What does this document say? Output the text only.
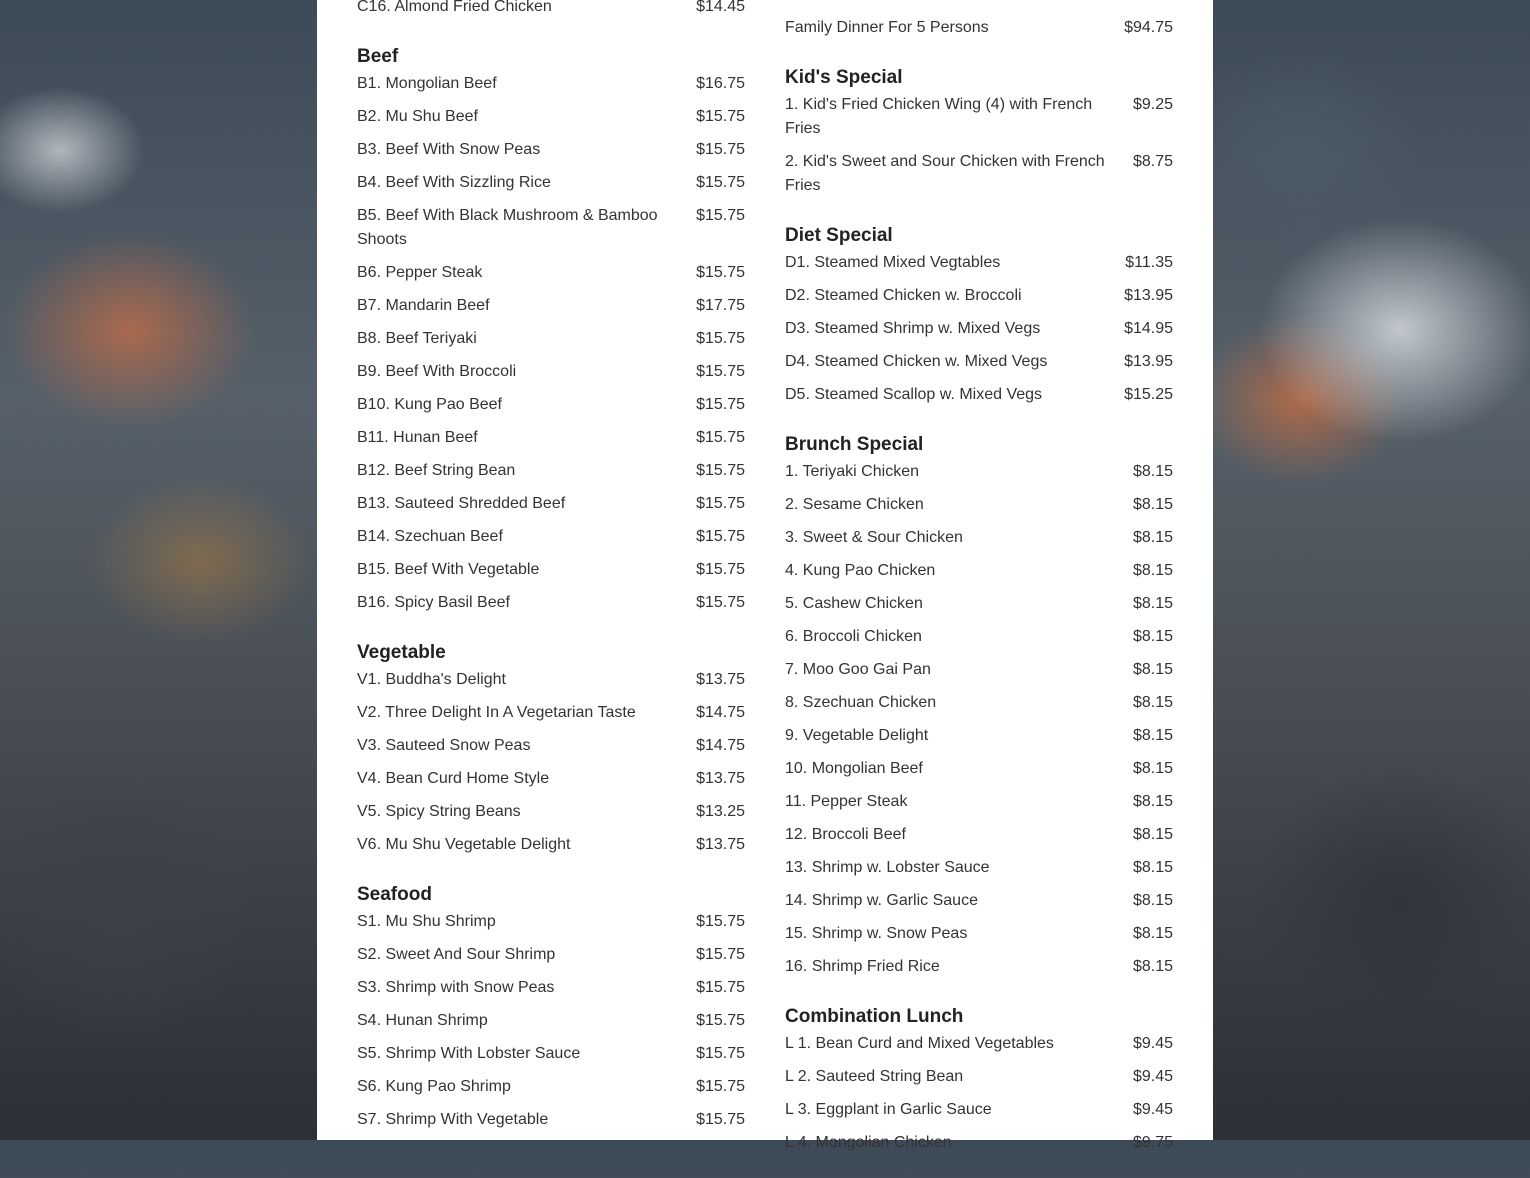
C16. Almond Fried Chicken	$14.45
Beef
B1. Mongolian Beef	$16.75
B2. Mu Shu Beef	$15.75
B3. Beef With Snow Peas	$15.75
B4. Beef With Sizzling Rice	$15.75
B5. Beef With Black Mushroom & Bamboo Shoots
$15.75
B6. Pepper Steak	$15.75
B7. Mandarin Beef	$17.75
B8. Beef Teriyaki	$15.75
B9. Beef With Broccoli	$15.75
B10. Kung Pao Beef	$15.75
B11. Hunan Beef	$15.75
B12. Beef String Bean	$15.75
B13. Sauteed Shredded Beef	$15.75
B14. Szechuan Beef	$15.75
B15. Beef With Vegetable	$15.75
B16. Spicy Basil Beef	$15.75
Vegetable
V1. Buddha's Delight	$13.75
V2. Three Delight In A Vegetarian Taste	$14.75
V3. Sauteed Snow Peas	$14.75
V4. Bean Curd Home Style	$13.75
V5. Spicy String Beans	$13.25
V6. Mu Shu Vegetable Delight	$13.75
Seafood
S1. Mu Shu Shrimp	$15.75
S2. Sweet And Sour Shrimp	$15.75
S3. Shrimp with Snow Peas	$15.75
S4. Hunan Shrimp	$15.75
S5. Shrimp With Lobster Sauce	$15.75
S6. Kung Pao Shrimp	$15.75
S7. Shrimp With Vegetable	$15.75
Family Dinner For 5 Persons	$94.75
Kid's Special
1. Kid's Fried Chicken Wing (4) with French Fries
$9.25
2. Kid's Sweet and Sour Chicken with French Fries
$8.75
Diet Special
D1. Steamed Mixed Vegtables	$11.35
D2. Steamed Chicken w. Broccoli	$13.95
D3. Steamed Shrimp w. Mixed Vegs	$14.95
D4. Steamed Chicken w. Mixed Vegs	$13.95
D5. Steamed Scallop w. Mixed Vegs	$15.25
Brunch Special
1. Teriyaki Chicken	$8.15
2. Sesame Chicken	$8.15
3. Sweet & Sour Chicken	$8.15
4. Kung Pao Chicken	$8.15
5. Cashew Chicken	$8.15
6. Broccoli Chicken	$8.15
7. Moo Goo Gai Pan	$8.15
8. Szechuan Chicken	$8.15
9. Vegetable Delight	$8.15
10. Mongolian Beef	$8.15
11. Pepper Steak	$8.15
12. Broccoli Beef	$8.15
13. Shrimp w. Lobster Sauce	$8.15
14. Shrimp w. Garlic Sauce	$8.15
15. Shrimp w. Snow Peas	$8.15
16. Shrimp Fried Rice	$8.15
Combination Lunch
L 1. Bean Curd and Mixed Vegetables	$9.45
L 2. Sauteed String Bean	$9.45
L 3. Eggplant in Garlic Sauce	$9.45
L 4. Mongolian Chicken	$9.75
